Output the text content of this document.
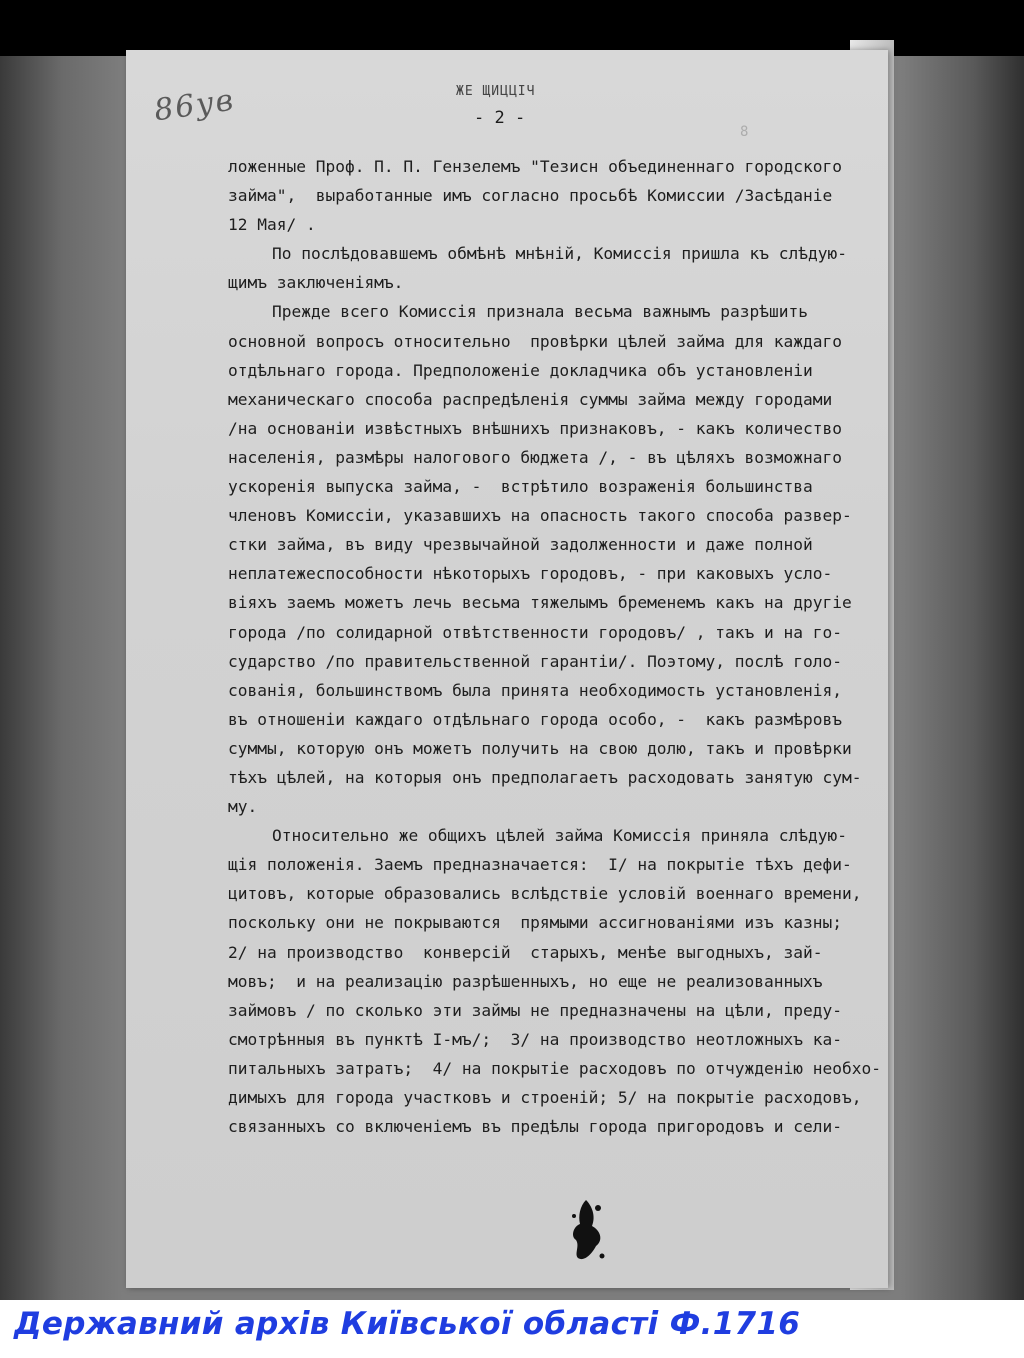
86ув	ЖЕ ЩИЦЦІЧ
- 2 -
8
ложенные Проф. П. П. Гензелемъ "Тезисн объединеннаго городского
займа",  выработанные имъ согласно просьбѣ Комиссии /Засѣданіе
12 Мая/ .
По послѣдовавшемъ обмѣнѣ мнѣній, Комиссія пришла къ слѣдую-
щимъ заключеніямъ.
Прежде всего Комиссія признала весьма важнымъ разрѣшить
основной вопросъ относительно  провѣрки цѣлей займа для каждаго
отдѣльнаго города. Предположеніе докладчика объ установленіи
механическаго способа распредѣленія суммы займа между городами
/на основаніи извѣстныхъ внѣшнихъ признаковъ, - какъ количество
населенія, размѣры налогового бюджета /, - въ цѣляхъ возможнаго
ускоренія выпуска займа, -  встрѣтило возраженія большинства
членовъ Комиссіи, указавшихъ на опасность такого способа развер-
стки займа, въ виду чрезвычайной задолженности и даже полной
неплатежеспособности нѣкоторыхъ городовъ, - при каковыхъ усло-
віяхъ заемъ можетъ лечь весьма тяжелымъ бременемъ какъ на другіе
города /по солидарной отвѣтственности городовъ/ , такъ и на го-
сударство /по правительственной гарантіи/. Поэтому, послѣ голо-
сованія, большинствомъ была принята необходимость установленія,
въ отношеніи каждаго отдѣльнаго города особо, -  какъ размѣровъ
суммы, которую онъ можетъ получить на свою долю, такъ и провѣрки
тѣхъ цѣлей, на которыя онъ предполагаетъ расходовать занятую сум-
му.
Относительно же общихъ цѣлей займа Комиссія приняла слѣдую-
щія положенія. Заемъ предназначается:  I/ на покрытіе тѣхъ дефи-
цитовъ, которые образовались вслѣдствіе условій военнаго времени,
поскольку они не покрываются  прямыми ассигнованіями изъ казны;
2/ на производство  конверсій  старыхъ, менѣе выгодныхъ, зай-
мовъ;  и на реализацію разрѣшенныхъ, но еще не реализованныхъ
займовъ / по сколько эти займы не предназначены на цѣли, преду-
смотрѣнныя въ пунктѣ I-мъ/;  3/ на производство неотложныхъ ка-
питальныхъ затратъ;  4/ на покрытіе расходовъ по отчужденію необхо-
димыхъ для города участковъ и строеній; 5/ на покрытіе расходовъ,
связанныхъ со включеніемъ въ предѣлы города пригородовъ и сели-
Державний архів Київської області Ф.1716
